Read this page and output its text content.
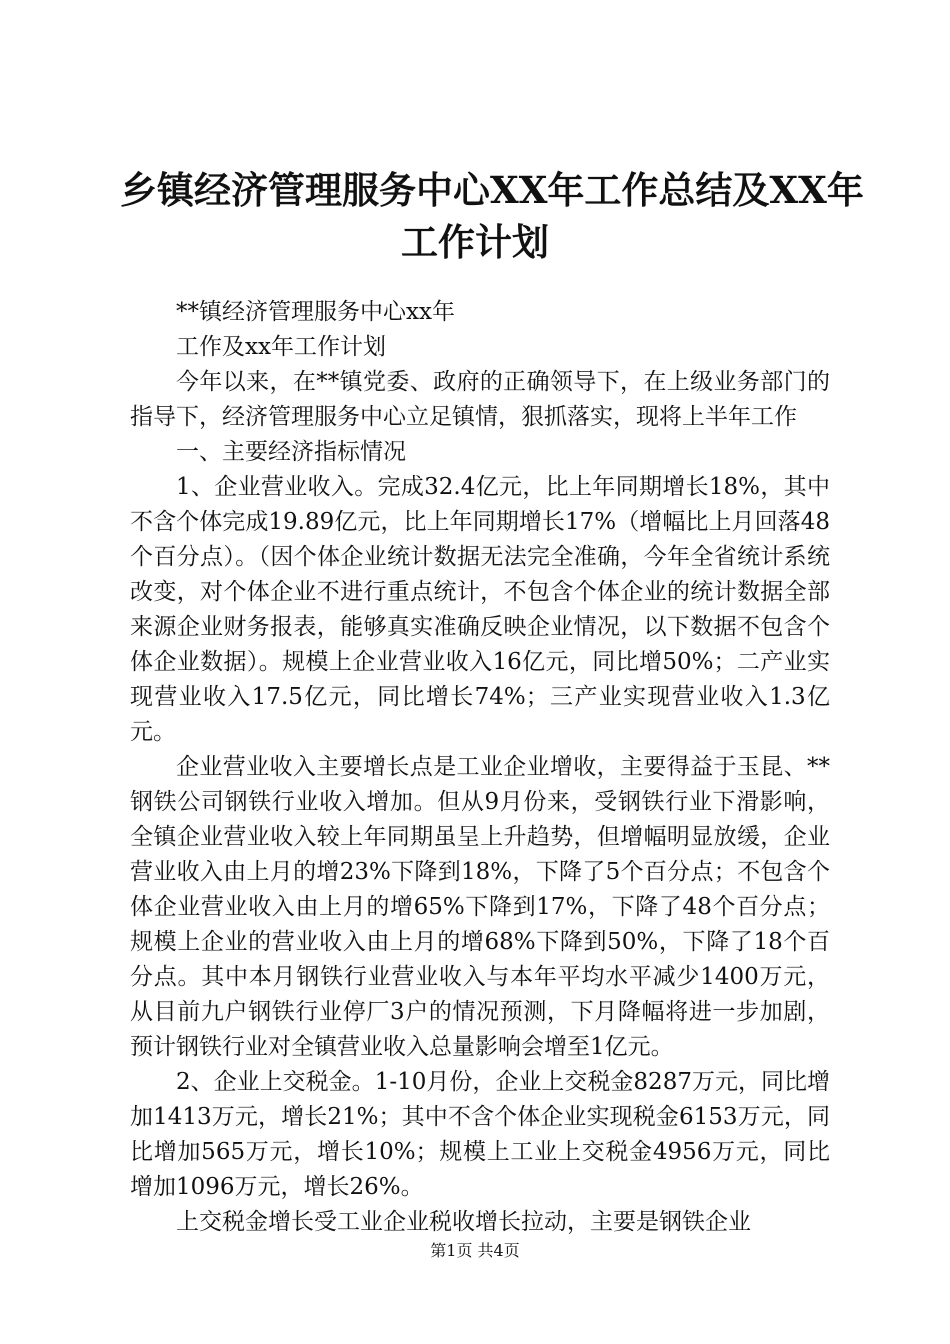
乡镇经济管理服务中心XX年工作总结及XX年
工作计划

**镇经济管理服务中心xx年

工作及xx年工作计划

今年以来，在**镇党委、政府的正确领导下，在上级业务部门的指导下，经济管理服务中心立足镇情，狠抓落实，现将上半年工作

一、主要经济指标情况

1、企业营业收入。完成32.4亿元，比上年同期增长18%，其中不含个体完成19.89亿元，比上年同期增长17%（增幅比上月回落48个百分点）。（因个体企业统计数据无法完全准确，今年全省统计系统改变，对个体企业不进行重点统计，不包含个体企业的统计数据全部来源企业财务报表，能够真实准确反映企业情况，以下数据不包含个体企业数据）。规模上企业营业收入16亿元，同比增50%；二产业实现营业收入17.5亿元，同比增长74%；三产业实现营业收入1.3亿元。

企业营业收入主要增长点是工业企业增收，主要得益于玉昆、**钢铁公司钢铁行业收入增加。但从9月份来，受钢铁行业下滑影响，全镇企业营业收入较上年同期虽呈上升趋势，但增幅明显放缓，企业营业收入由上月的增23%下降到18%，下降了5个百分点；不包含个体企业营业收入由上月的增65%下降到17%，下降了48个百分点；规模上企业的营业收入由上月的增68%下降到50%，下降了18个百分点。其中本月钢铁行业营业收入与本年平均水平减少1400万元，从目前九户钢铁行业停厂3户的情况预测，下月降幅将进一步加剧，预计钢铁行业对全镇营业收入总量影响会增至1亿元。

2、企业上交税金。1-10月份，企业上交税金8287万元，同比增加1413万元，增长21%；其中不含个体企业实现税金6153万元，同比增加565万元，增长10%；规模上工业上交税金4956万元，同比增加1096万元，增长26%。

上交税金增长受工业企业税收增长拉动，主要是钢铁企业

第1页 共4页
